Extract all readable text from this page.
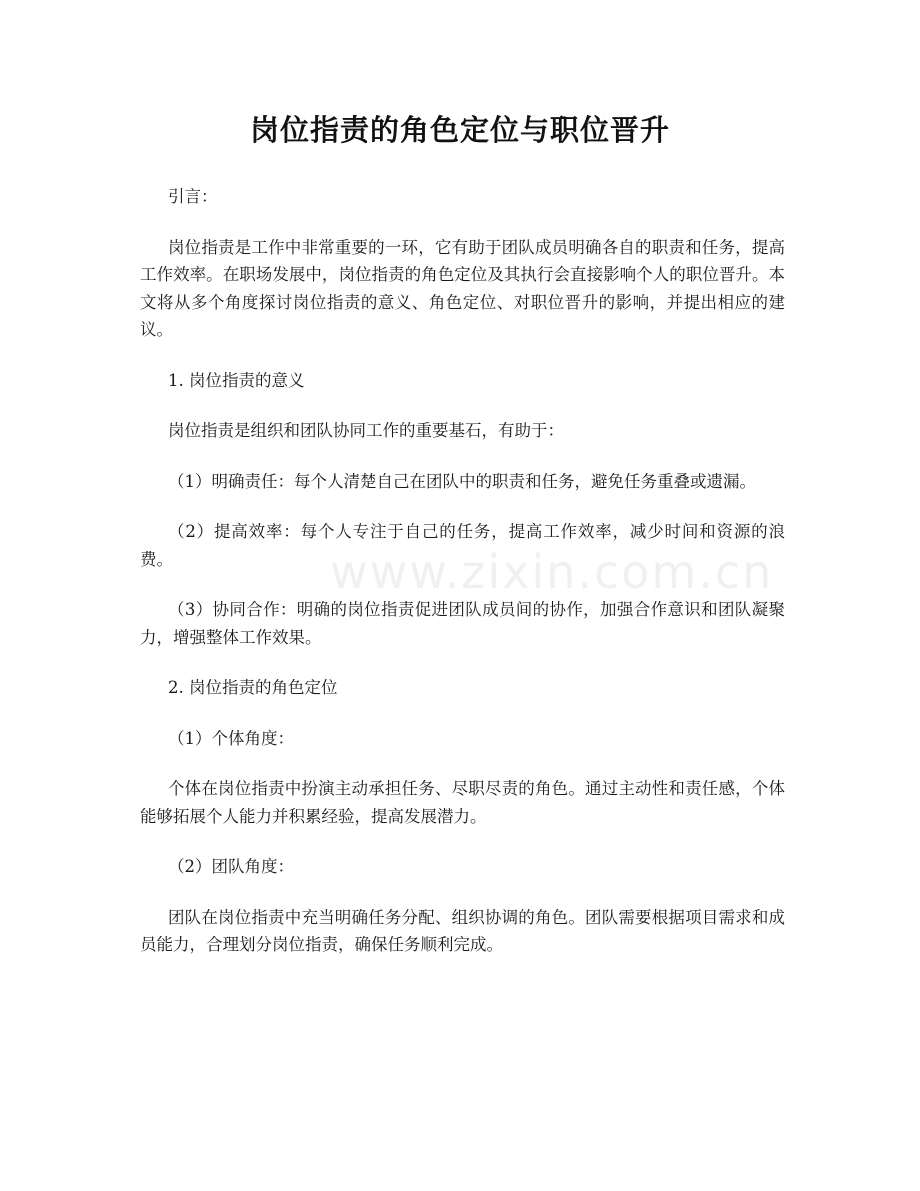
岗位指责的角色定位与职位晋升

引言：

岗位指责是工作中非常重要的一环，它有助于团队成员明确各自的职责和任务，提高工作效率。在职场发展中，岗位指责的角色定位及其执行会直接影响个人的职位晋升。本文将从多个角度探讨岗位指责的意义、角色定位、对职位晋升的影响，并提出相应的建议。

1. 岗位指责的意义

岗位指责是组织和团队协同工作的重要基石，有助于：

（1）明确责任：每个人清楚自己在团队中的职责和任务，避免任务重叠或遗漏。

（2）提高效率：每个人专注于自己的任务，提高工作效率，减少时间和资源的浪费。

（3）协同合作：明确的岗位指责促进团队成员间的协作，加强合作意识和团队凝聚力，增强整体工作效果。

2. 岗位指责的角色定位

（1）个体角度：

个体在岗位指责中扮演主动承担任务、尽职尽责的角色。通过主动性和责任感，个体能够拓展个人能力并积累经验，提高发展潜力。

（2）团队角度：

团队在岗位指责中充当明确任务分配、组织协调的角色。团队需要根据项目需求和成员能力，合理划分岗位指责，确保任务顺利完成。

www.zixin.com.cn
